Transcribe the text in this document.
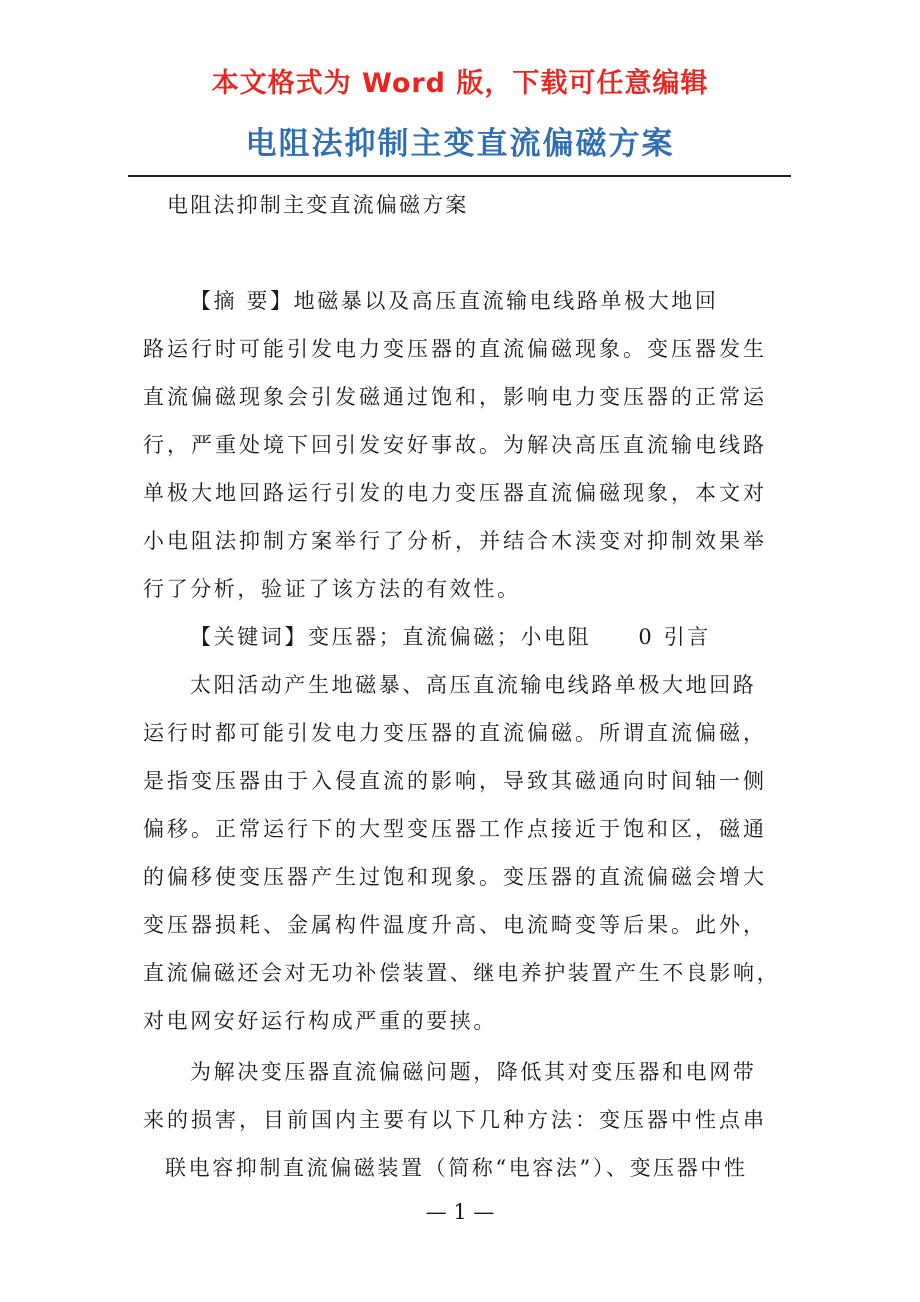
本文格式为 Word 版，下载可任意编辑
电阻法抑制主变直流偏磁方案
电阻法抑制主变直流偏磁方案
【摘 要】地磁暴以及高压直流输电线路单极大地回
路运行时可能引发电力变压器的直流偏磁现象。变压器发生
直流偏磁现象会引发磁通过饱和，影响电力变压器的正常运
行，严重处境下回引发安好事故。为解决高压直流输电线路
单极大地回路运行引发的电力变压器直流偏磁现象，本文对
小电阻法抑制方案举行了分析，并结合木渎变对抑制效果举
行了分析，验证了该方法的有效性。
【关键词】变压器；直流偏磁；小电阻　　0 引言
太阳活动产生地磁暴、高压直流输电线路单极大地回路
运行时都可能引发电力变压器的直流偏磁。所谓直流偏磁，
是指变压器由于入侵直流的影响，导致其磁通向时间轴一侧
偏移。正常运行下的大型变压器工作点接近于饱和区，磁通
的偏移使变压器产生过饱和现象。变压器的直流偏磁会增大
变压器损耗、金属构件温度升高、电流畸变等后果。此外，
直流偏磁还会对无功补偿装置、继电养护装置产生不良影响，
对电网安好运行构成严重的要挟。
为解决变压器直流偏磁问题，降低其对变压器和电网带
来的损害，目前国内主要有以下几种方法：变压器中性点串
联电容抑制直流偏磁装置（简称“电容法”）、变压器中性
— 1 —
